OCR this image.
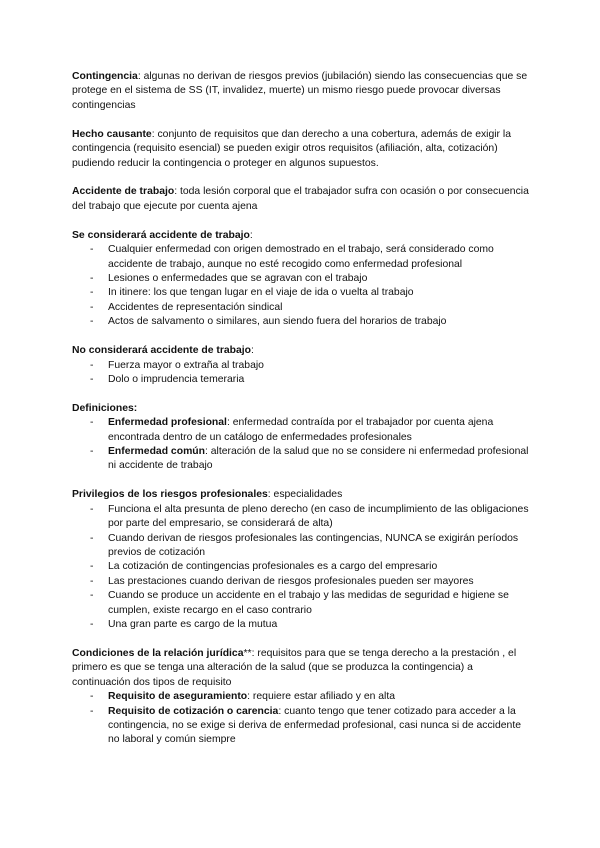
Contingencia: algunas no derivan de riesgos previos (jubilación) siendo las consecuencias que se protege en el sistema de SS (IT, invalidez, muerte) un mismo riesgo puede provocar diversas contingencias

Hecho causante: conjunto de requisitos que dan derecho a una cobertura, además de exigir la contingencia (requisito esencial) se pueden exigir otros requisitos (afiliación, alta, cotización) pudiendo reducir la contingencia o proteger en algunos supuestos.

Accidente de trabajo: toda lesión corporal que el trabajador sufra con ocasión o por consecuencia del trabajo que ejecute por cuenta ajena

Se considerará accidente de trabajo:

- Cualquier enfermedad con origen demostrado en el trabajo, será considerado como accidente de trabajo, aunque no esté recogido como enfermedad profesional
- Lesiones o enfermedades que se agravan con el trabajo
- In itinere: los que tengan lugar en el viaje de ida o vuelta al trabajo
- Accidentes de representación sindical
- Actos de salvamento o similares, aun siendo fuera del horarios de trabajo

No considerará accidente de trabajo:

- Fuerza mayor o extraña al trabajo
- Dolo o imprudencia temeraria

Definiciones:

- Enfermedad profesional: enfermedad contraída por el trabajador por cuenta ajena encontrada dentro de un catálogo de enfermedades profesionales
- Enfermedad común: alteración de la salud que no se considere ni enfermedad profesional ni accidente de trabajo

Privilegios de los riesgos profesionales: especialidades

- Funciona el alta presunta de pleno derecho (en caso de incumplimiento de las obligaciones por parte del empresario, se considerará de alta)
- Cuando derivan de riesgos profesionales las contingencias, NUNCA se exigirán períodos previos de cotización
- La cotización de contingencias profesionales es a cargo del empresario
- Las prestaciones cuando derivan de riesgos profesionales pueden ser mayores
- Cuando se produce un accidente en el trabajo y las medidas de seguridad e higiene se cumplen, existe recargo en el caso contrario
- Una gran parte es cargo de la mutua

Condiciones de la relación jurídica**: requisitos para que se tenga derecho a la prestación , el primero es que se tenga una alteración de la salud (que se produzca la contingencia) a continuación dos tipos de requisito

- Requisito de aseguramiento: requiere estar afiliado y en alta
- Requisito de cotización o carencia: cuanto tengo que tener cotizado para acceder a la contingencia, no se exige si deriva de enfermedad profesional, casi nunca si de accidente no laboral y común siempre
